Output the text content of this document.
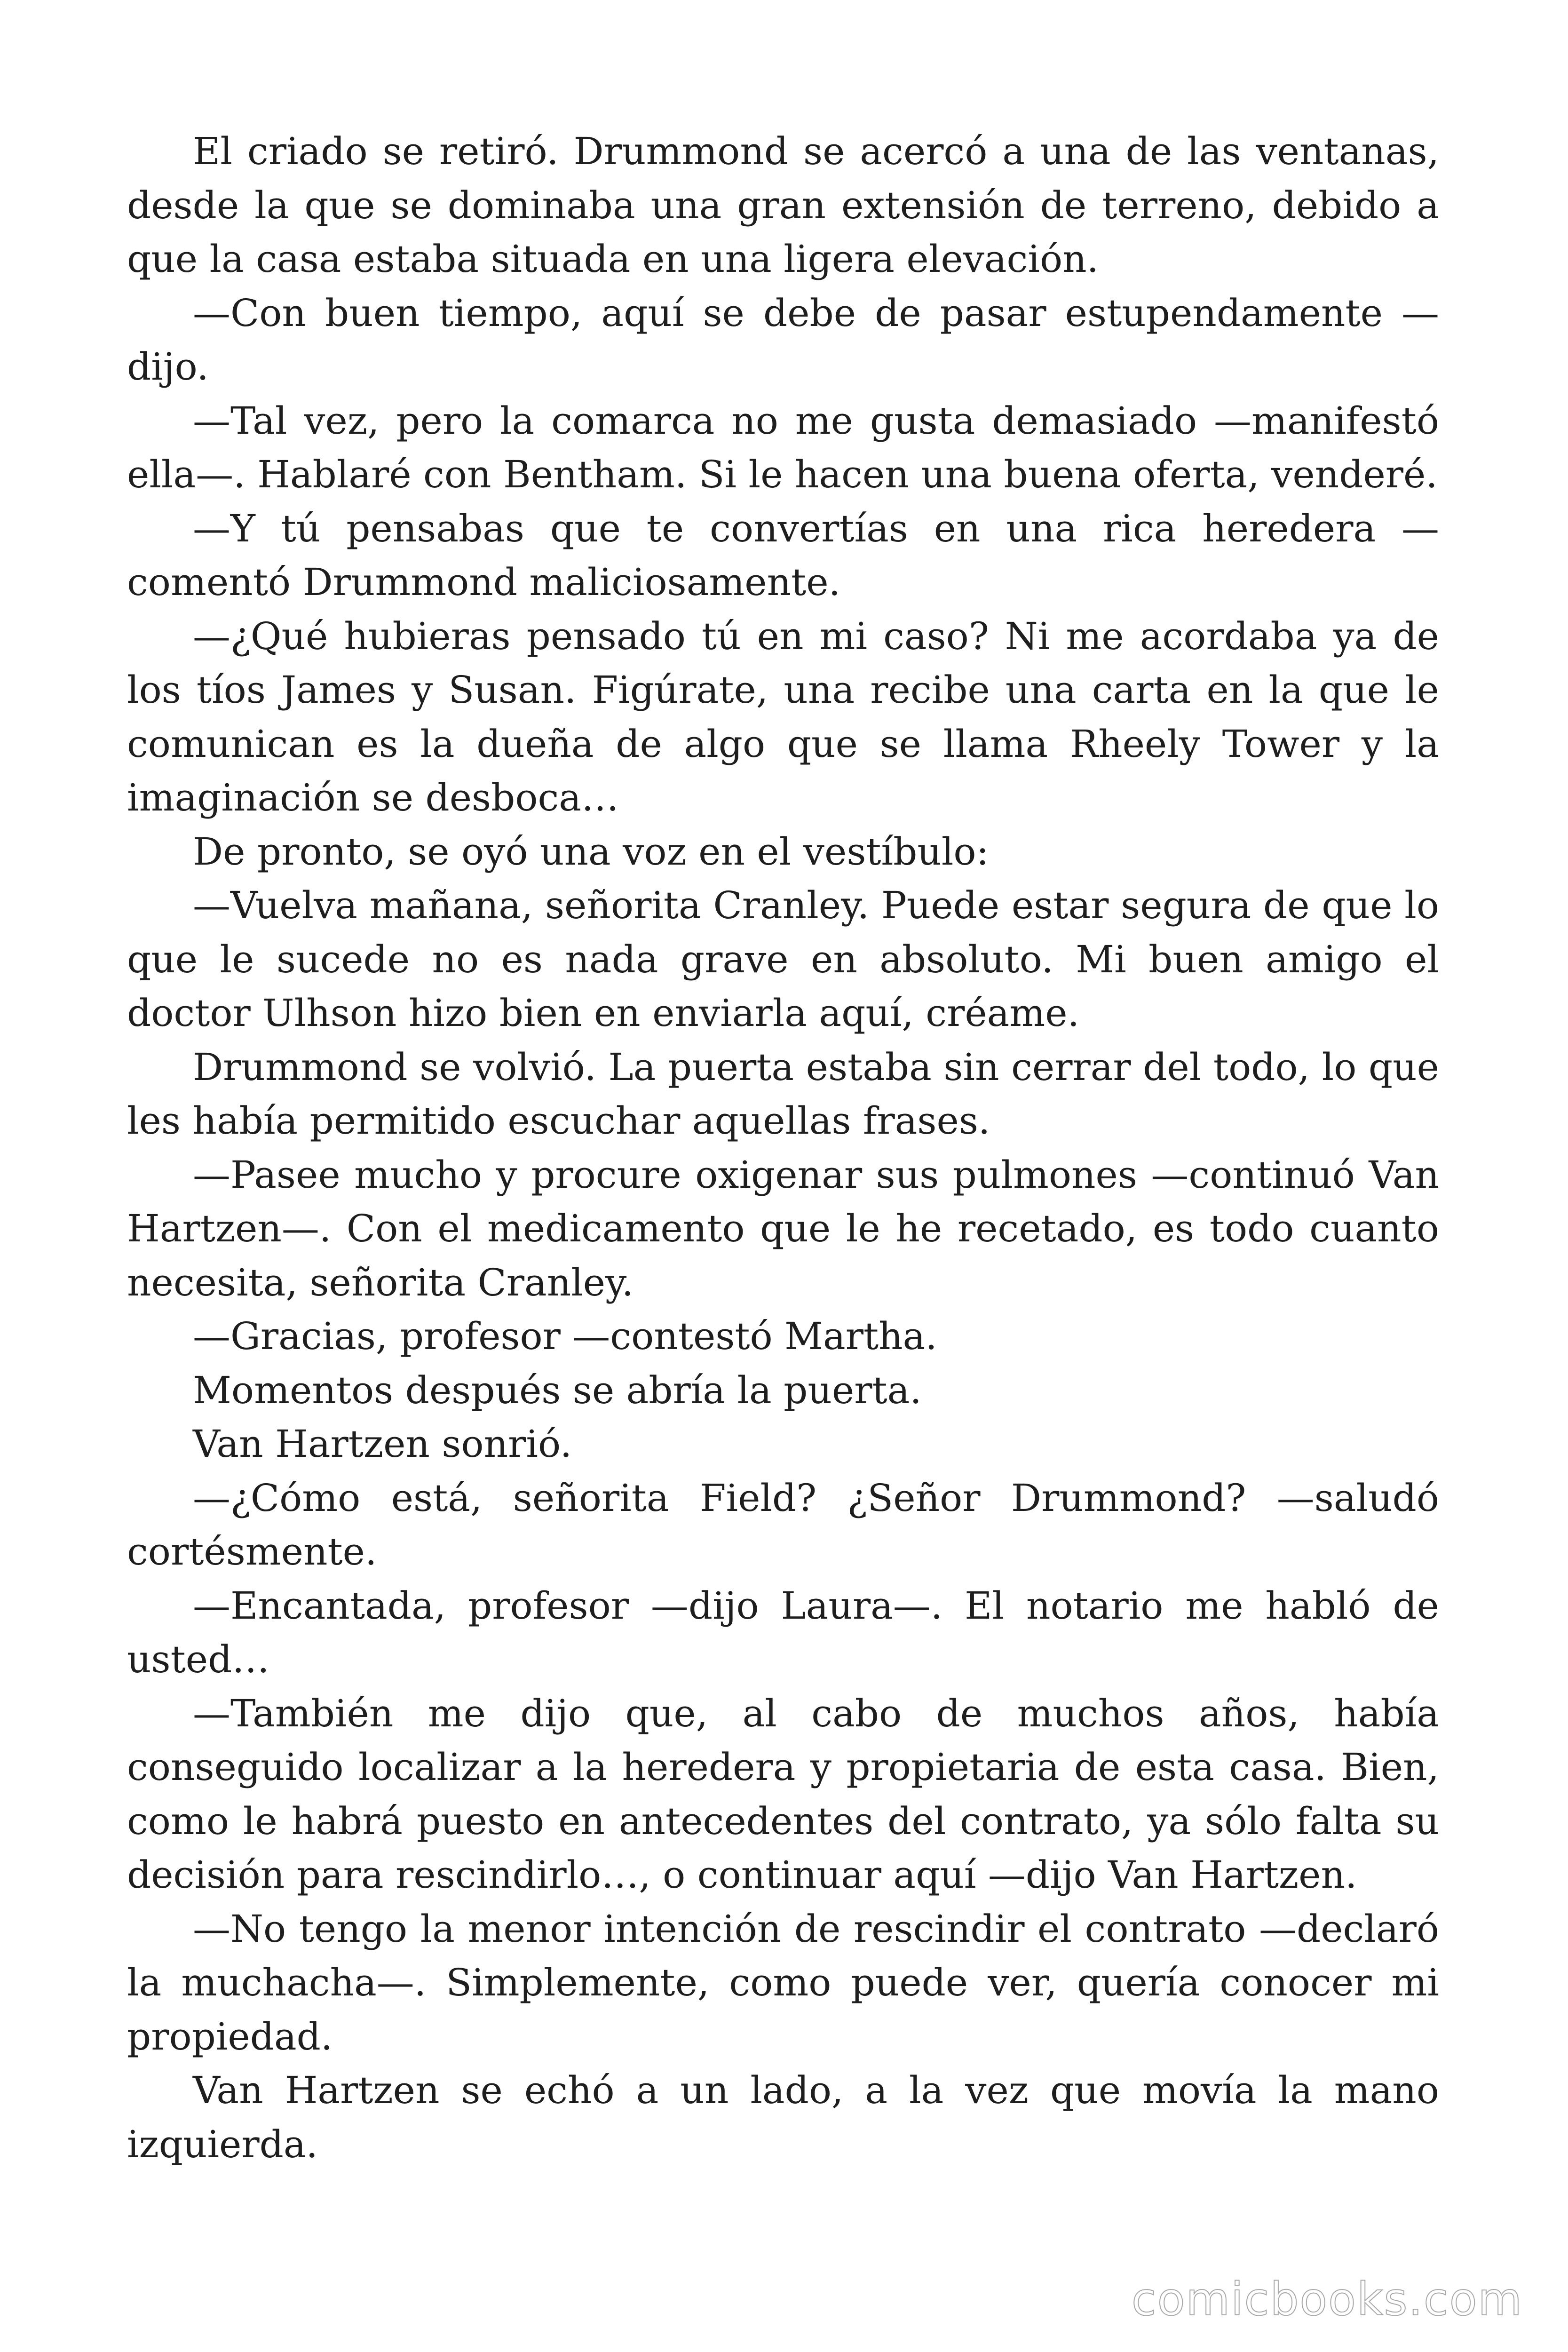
El criado se retiró. Drummond se acercó a una de las ventanas, desde la que se dominaba una gran extensión de terreno, debido a que la casa estaba situada en una ligera elevación.

—Con buen tiempo, aquí se debe de pasar estupendamente —dijo.

—Tal vez, pero la comarca no me gusta demasiado —manifestó ella—. Hablaré con Bentham. Si le hacen una buena oferta, venderé.

—Y tú pensabas que te convertías en una rica heredera —comentó Drummond maliciosamente.

—¿Qué hubieras pensado tú en mi caso? Ni me acordaba ya de los tíos James y Susan. Figúrate, una recibe una carta en la que le comunican es la dueña de algo que se llama Rheely Tower y la imaginación se desboca…

De pronto, se oyó una voz en el vestíbulo:

—Vuelva mañana, señorita Cranley. Puede estar segura de que lo que le sucede no es nada grave en absoluto. Mi buen amigo el doctor Ulhson hizo bien en enviarla aquí, créame.

Drummond se volvió. La puerta estaba sin cerrar del todo, lo que les había permitido escuchar aquellas frases.

—Pasee mucho y procure oxigenar sus pulmones —continuó Van Hartzen—. Con el medicamento que le he recetado, es todo cuanto necesita, señorita Cranley.

—Gracias, profesor —contestó Martha.

Momentos después se abría la puerta.

Van Hartzen sonrió.

—¿Cómo está, señorita Field? ¿Señor Drummond? —saludó cortésmente.

—Encantada, profesor —dijo Laura—. El notario me habló de usted…

—También me dijo que, al cabo de muchos años, había conseguido localizar a la heredera y propietaria de esta casa. Bien, como le habrá puesto en antecedentes del contrato, ya sólo falta su decisión para rescindirlo…, o continuar aquí —dijo Van Hartzen.

—No tengo la menor intención de rescindir el contrato —declaró la muchacha—. Simplemente, como puede ver, quería conocer mi propiedad.

Van Hartzen se echó a un lado, a la vez que movía la mano izquierda.

comicbooks.com
